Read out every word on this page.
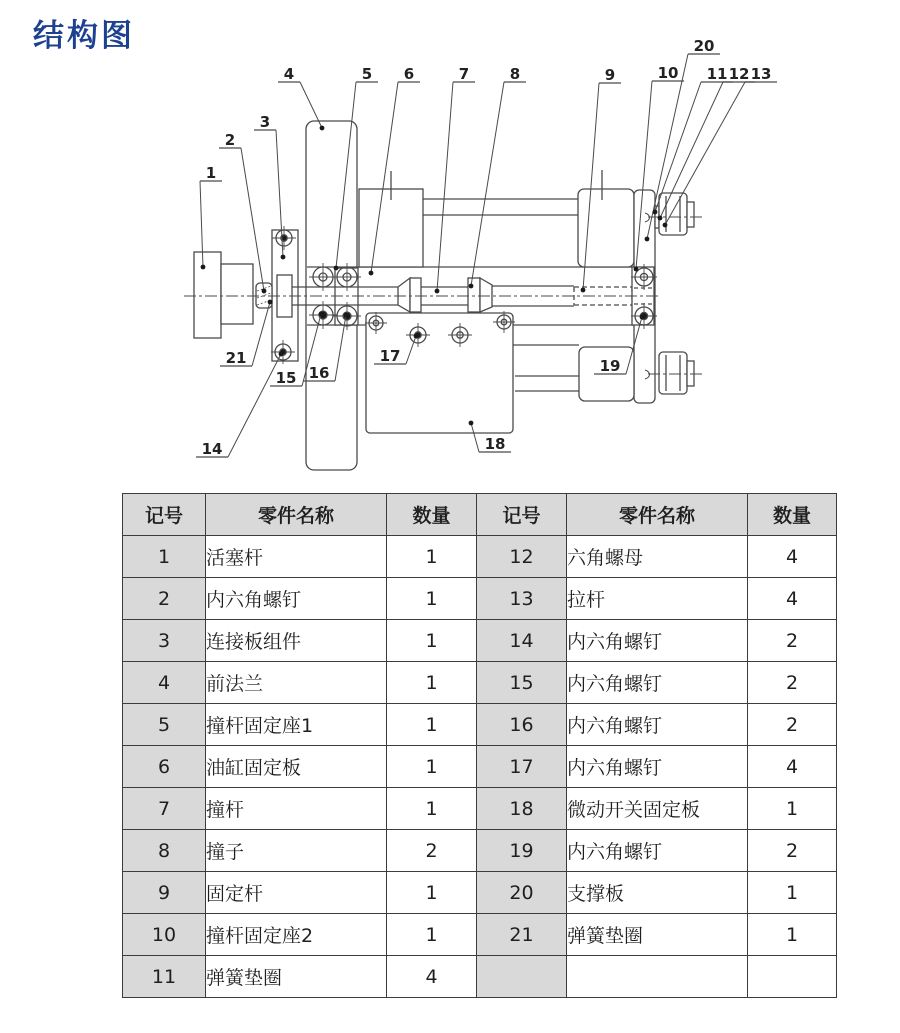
结构图
1
2
3
4	5 6	7	8	9	10
20
11 12 13
21
14
15 16
17
18
19
记号	零件名称	数量	记号	零件名称	数量
1	活塞杆	1	12	六角螺母	4
2	内六角螺钉	1	13	拉杆	4
3	连接板组件	1	14	内六角螺钉	2
4	前法兰	1	15	内六角螺钉	2
5	撞杆固定座1	1	16	内六角螺钉	2
6	油缸固定板	1	17	内六角螺钉	4
7	撞杆	1	18	微动开关固定板	1
8	撞子	2	19	内六角螺钉	2
9	固定杆	1	20	支撑板	1
10	撞杆固定座2	1	21	弹簧垫圈	1
11	弹簧垫圈	4			
